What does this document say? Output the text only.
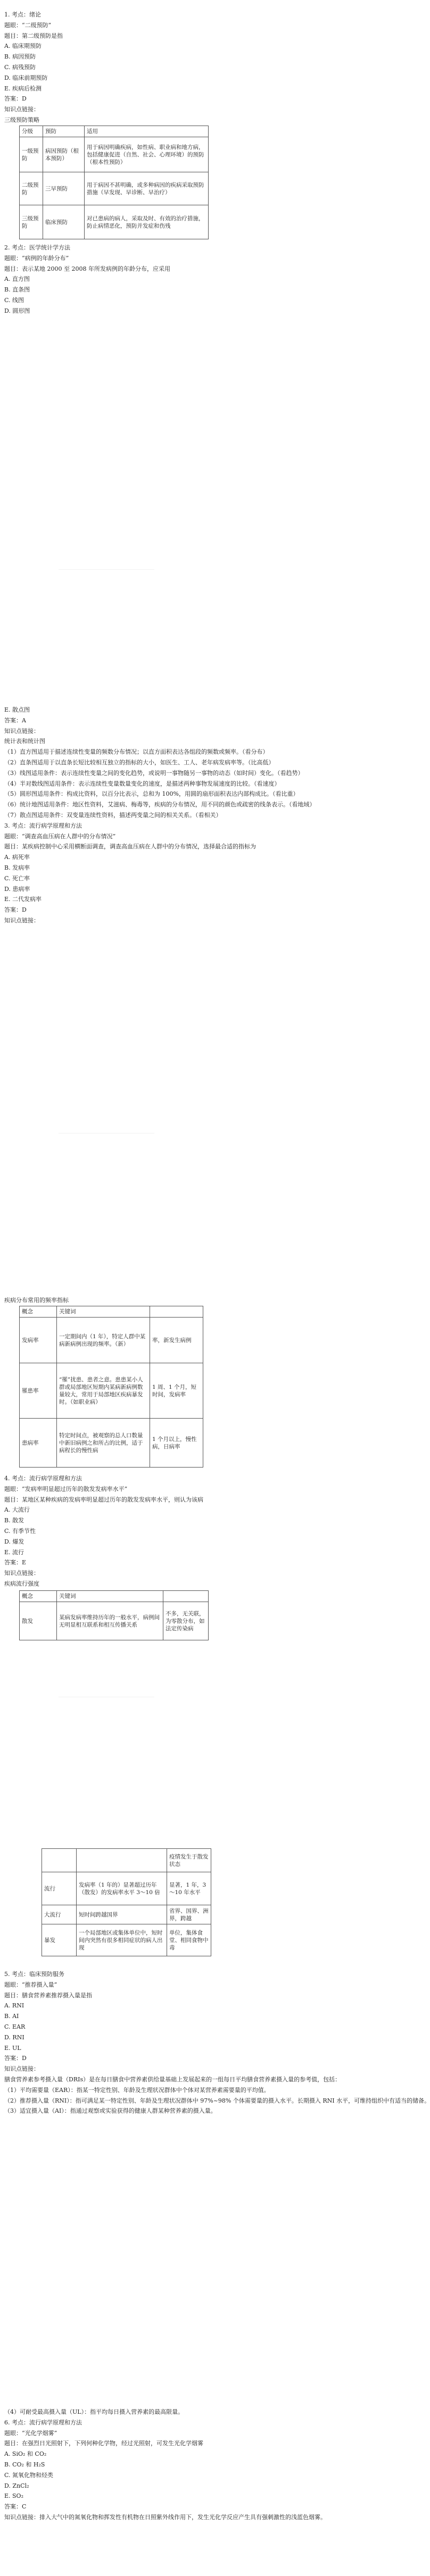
1. 考点：绪论
题眼：“二级预防”
题目：第二级预防是指
A. 临床期预防
B. 病因预防
C. 病残预防
D. 临床前期预防
E. 疾病后检测
答案：D
知识点链接：
三级预防策略
分级	预防	适用
一级预防	病因预防（根本预防）	用于病因明确疾病，如性病、职业病和地方病，包括健康促进（自然、社会、心理环境）的预防（根本性预防）
二级预防	三早预防	用于病因不甚明确，或多种病因的疾病采取预防措施（早发现、早诊断、早治疗）
三级预防	临床预防	对已患病的病人，采取及时、有效的治疗措施，防止病情恶化，预防并发症和伤残
2. 考点：医学统计学方法
题眼：“病例的年龄分布”
题目：表示某地 2000 至 2008 年所发病例的年龄分布，应采用
A. 直方图
B. 直条图
C. 线图
D. 圆形图
E. 散点图
答案：A
知识点链接：
统计表和统计图
（1）直方图适用于描述连续性变量的频数分布情况；以直方面积表达各组段的频数或频率。（看分布）
（2）直条图适用于以直条长短比较相互独立的指标的大小，如医生、工人、老年病发病率等。（比高低）
（3）线图适用条件：表示连续性变量之间的变化趋势，或说明一事物随另一事物的动态（如时间）变化。（看趋势）
（4）半对数线图适用条件：表示连续性变量数量变化的速度，是描述两种事物发展速度的比较。（看速度）
（5）圆形图适用条件：构成比资料，以百分比表示，总和为 100%，用圆的扇形面积表达内部构成比。（看比重）
（6）统计地图适用条件：地区性资料，艾滋病、梅毒等，疾病的分布情况，用不同的颜色或疏密的线条表示。（看地域）
（7）散点图适用条件：双变量连续性资料，描述两变量之间的相关关系。（看相关）
3. 考点：流行病学原理和方法
题眼：“调查高血压病在人群中的分布情况”
题目：某疾病控制中心采用横断面调查，调查高血压病在人群中的分布情况，选择最合适的指标为
A. 病死率
B. 发病率
C. 死亡率
D. 患病率
E. 二代发病率
答案：D
知识点链接：
疾病分布常用的频率指标
概念	关键词	
发病率	一定期间内（1 年），特定人群中某病新病例出现的频率。（新）	率，新发生病例
罹患率	“罹”扰患、患者之意。患患某小人群或局部地区短期内某病新病例数量较大，常用于局部地区疾病暴发时。（如职业病）	1 周、1 个月，短时间，发病率
患病率	特定时间点，被观察的总人口数量中新旧病例之和所占的比例，适于病程长的慢性病	1 个月以上，慢性病，日病率
4. 考点：流行病学原理和方法
题眼：“发病率明显超过历年的散发发病率水平”
题目：某地区某种疾病的发病率明显超过历年的散发发病率水平，则认为该病
A. 大流行
B. 散发
C. 有季节性
D. 爆发
E. 流行
答案：E
知识点链接：
疾病流行强度
概念	关键词	
散发	某病发病率维持历年的一般水平，病例间无明显相互联系和相互传播关系	不多，无关联，为零散分布，如法定传染病
		疫情发生于散发状态
流行	发病率（1 年的）显著超过历年（散发）的发病率水平 3～10 倍	显著，1 年，3～10 年水平
大流行	短时间跨越国界	省界、国界、洲界，跨越
暴发	一个局部地区或集体单位中，短时间内突然有很多相同症状的病人出现	单位，集体食堂、相同食物中毒
5. 考点：临床预防服务
题眼：“推荐摄入量”
题目：膳食营养素推荐摄入量是指
A. RNI
B. AI
C. EAR
D. RNI
E. UL
答案：D
知识点链接：
膳食营养素参考摄入量（DRIs）是在每日膳食中营养素供给量基础上发展起来的一组每日平均膳食营养素摄入量的参考值，包括：
（1）平均需要量（EAR）：指某一特定性别、年龄及生理状况群体中个体对某营养素需要量的平均值。
（2）推荐摄入量（RNI）：指可满足某一特定性别、年龄及生理状况群体中 97%~98% 个体需要量的摄入水平。长期摄入 RNI 水平，可维持组织中有适当的储备。
（3）适宜摄入量（AI）：指通过观察或实验获得的健康人群某种营养素的摄入量。
（4）可耐受最高摄入量（UL）：指平均每日摄入营养素的最高限量。
6. 考点：流行病学原理和方法
题眼：“光化学烟雾”
题目：在强烈日光照射下，下列何种化学物，经过光照射，可发生光化学烟雾
A. SiO₂ 和 CO₂
B. CO₂ 和 H₂S
C. 氮氧化物和烃类
D. ZnCl₂
E. SO₂
答案：C
知识点链接：排入大气中的氮氧化物和挥发性有机物在日照紫外线作用下，发生光化学反应产生具有强刺激性的浅蓝色烟雾。
